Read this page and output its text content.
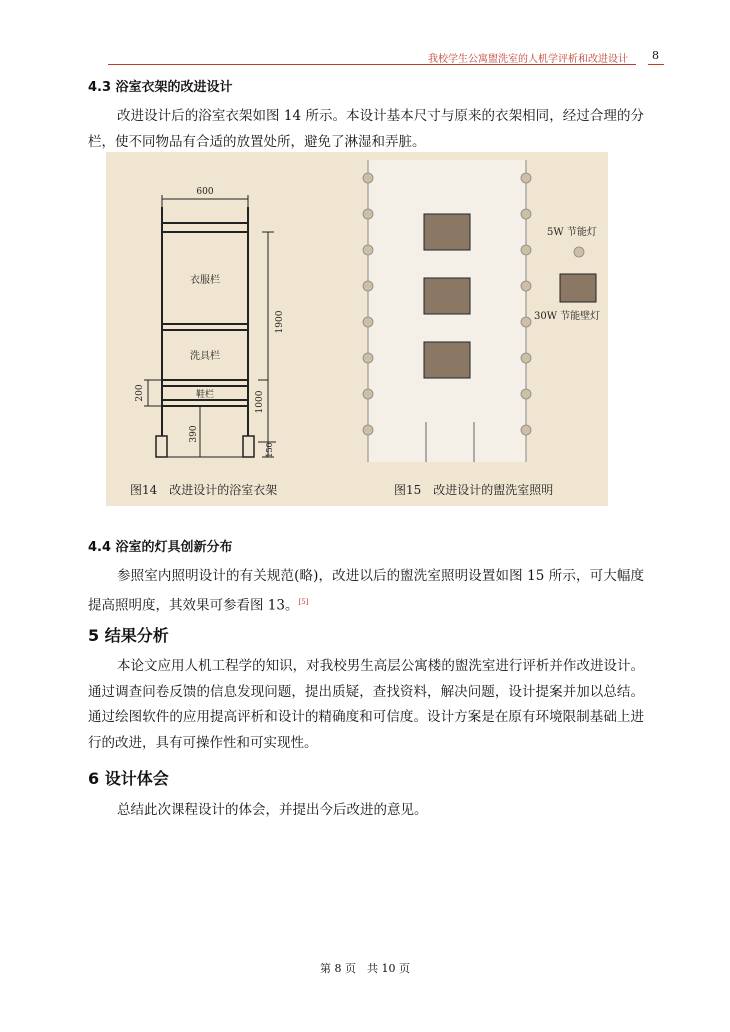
我校学生公寓盥洗室的人机学评析和改进设计 8
4.3 浴室衣架的改进设计

改进设计后的浴室衣架如图 14 所示。本设计基本尺寸与原来的衣架相同，经过合理的分栏，使不同物品有合适的放置处所，避免了淋湿和弄脏。

600
衣服栏
洗具栏
鞋栏
1900
1000
200
390
150
图14　改进设计的浴室衣架
5W 节能灯
30W 节能壁灯
图15　改进设计的盥洗室照明
4.4 浴室的灯具创新分布

参照室内照明设计的有关规范(略)，改进以后的盥洗室照明设置如图 15 所示，可大幅度提高照明度，其效果可参看图 13。[5]

5 结果分析

本论文应用人机工程学的知识，对我校男生高层公寓楼的盥洗室进行评析并作改进设计。通过调查问卷反馈的信息发现问题，提出质疑，查找资料，解决问题，设计提案并加以总结。通过绘图软件的应用提高评析和设计的精确度和可信度。设计方案是在原有环境限制基础上进行的改进，具有可操作性和可实现性。

6 设计体会

总结此次课程设计的体会，并提出今后改进的意见。

第 8 页　共 10 页
